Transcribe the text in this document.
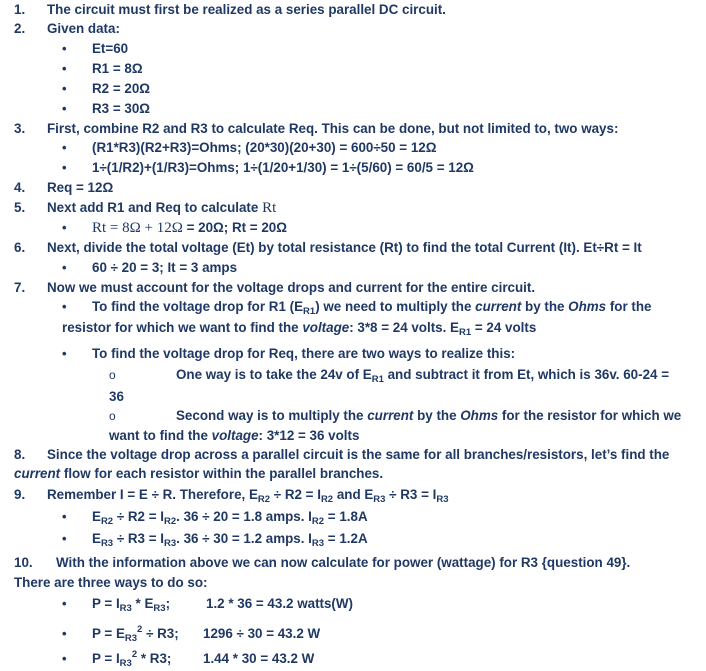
1. The circuit must first be realized as a series parallel DC circuit.
2. Given data:
• Et=60
• R1 = 8Ω
• R2 = 20Ω
• R3 = 30Ω
3. First, combine R2 and R3 to calculate Req. This can be done, but not limited to, two ways:
• (R1*R3)(R2+R3)=Ohms; (20*30)(20+30) = 600÷50 = 12Ω
• 1÷(1/R2)+(1/R3)=Ohms; 1÷(1/20+1/30) = 1÷(5/60) = 60/5 = 12Ω
4. Req = 12Ω
5. Next add R1 and Req to calculate Rt
• Rt = 8Ω + 12Ω = 20Ω; Rt = 20Ω
6. Next, divide the total voltage (Et) by total resistance (Rt) to find the total Current (It). Et÷Rt = It
• 60 ÷ 20 = 3; It = 3 amps
7. Now we must account for the voltage drops and current for the entire circuit.
• To find the voltage drop for R1 $(E_{R1})$ we need to multiply the current by the Ohms for the
resistor for which we want to find the voltage: 3*8 = 24 volts. $E_{R1} = 24$ volts
• To find the voltage drop for Req, there are two ways to realize this:
o	One way is to take the 24v of $E_{R1}$ and subtract it from Et, which is 36v. 60-24 =
36
o	Second way is to multiply the current by the Ohms for the resistor for which we
want to find the voltage: 3*12 = 36 volts
8. Since the voltage drop across a parallel circuit is the same for all branches/resistors, let’s find the
current flow for each resistor within the parallel branches.
9. Remember I = E ÷ R. Therefore, $E_{R2} \div R2 = I_{R2}$ and $E_{R3} \div R3 = I_{R3}$
• $E_{R2} \div R2 = I_{R2}$. 36 ÷ 20 = 1.8 amps. $I_{R2} = 1.8A$
• $E_{R3} \div R3 = I_{R3}$. 36 ÷ 30 = 1.2 amps. $I_{R3} = 1.2A$
10. With the information above we can now calculate for power (wattage) for R3 {question 49}.
There are three ways to do so:
• $P = I_{R3} * E_{R3}$;	1.2 * 36 = 43.2 watts(W)
• $P = E_{R3}^2 \div R3$; 1296 ÷ 30 = 43.2 W
• $P = I_{R3}^2 * R3$; 1.44 * 30 = 43.2 W
